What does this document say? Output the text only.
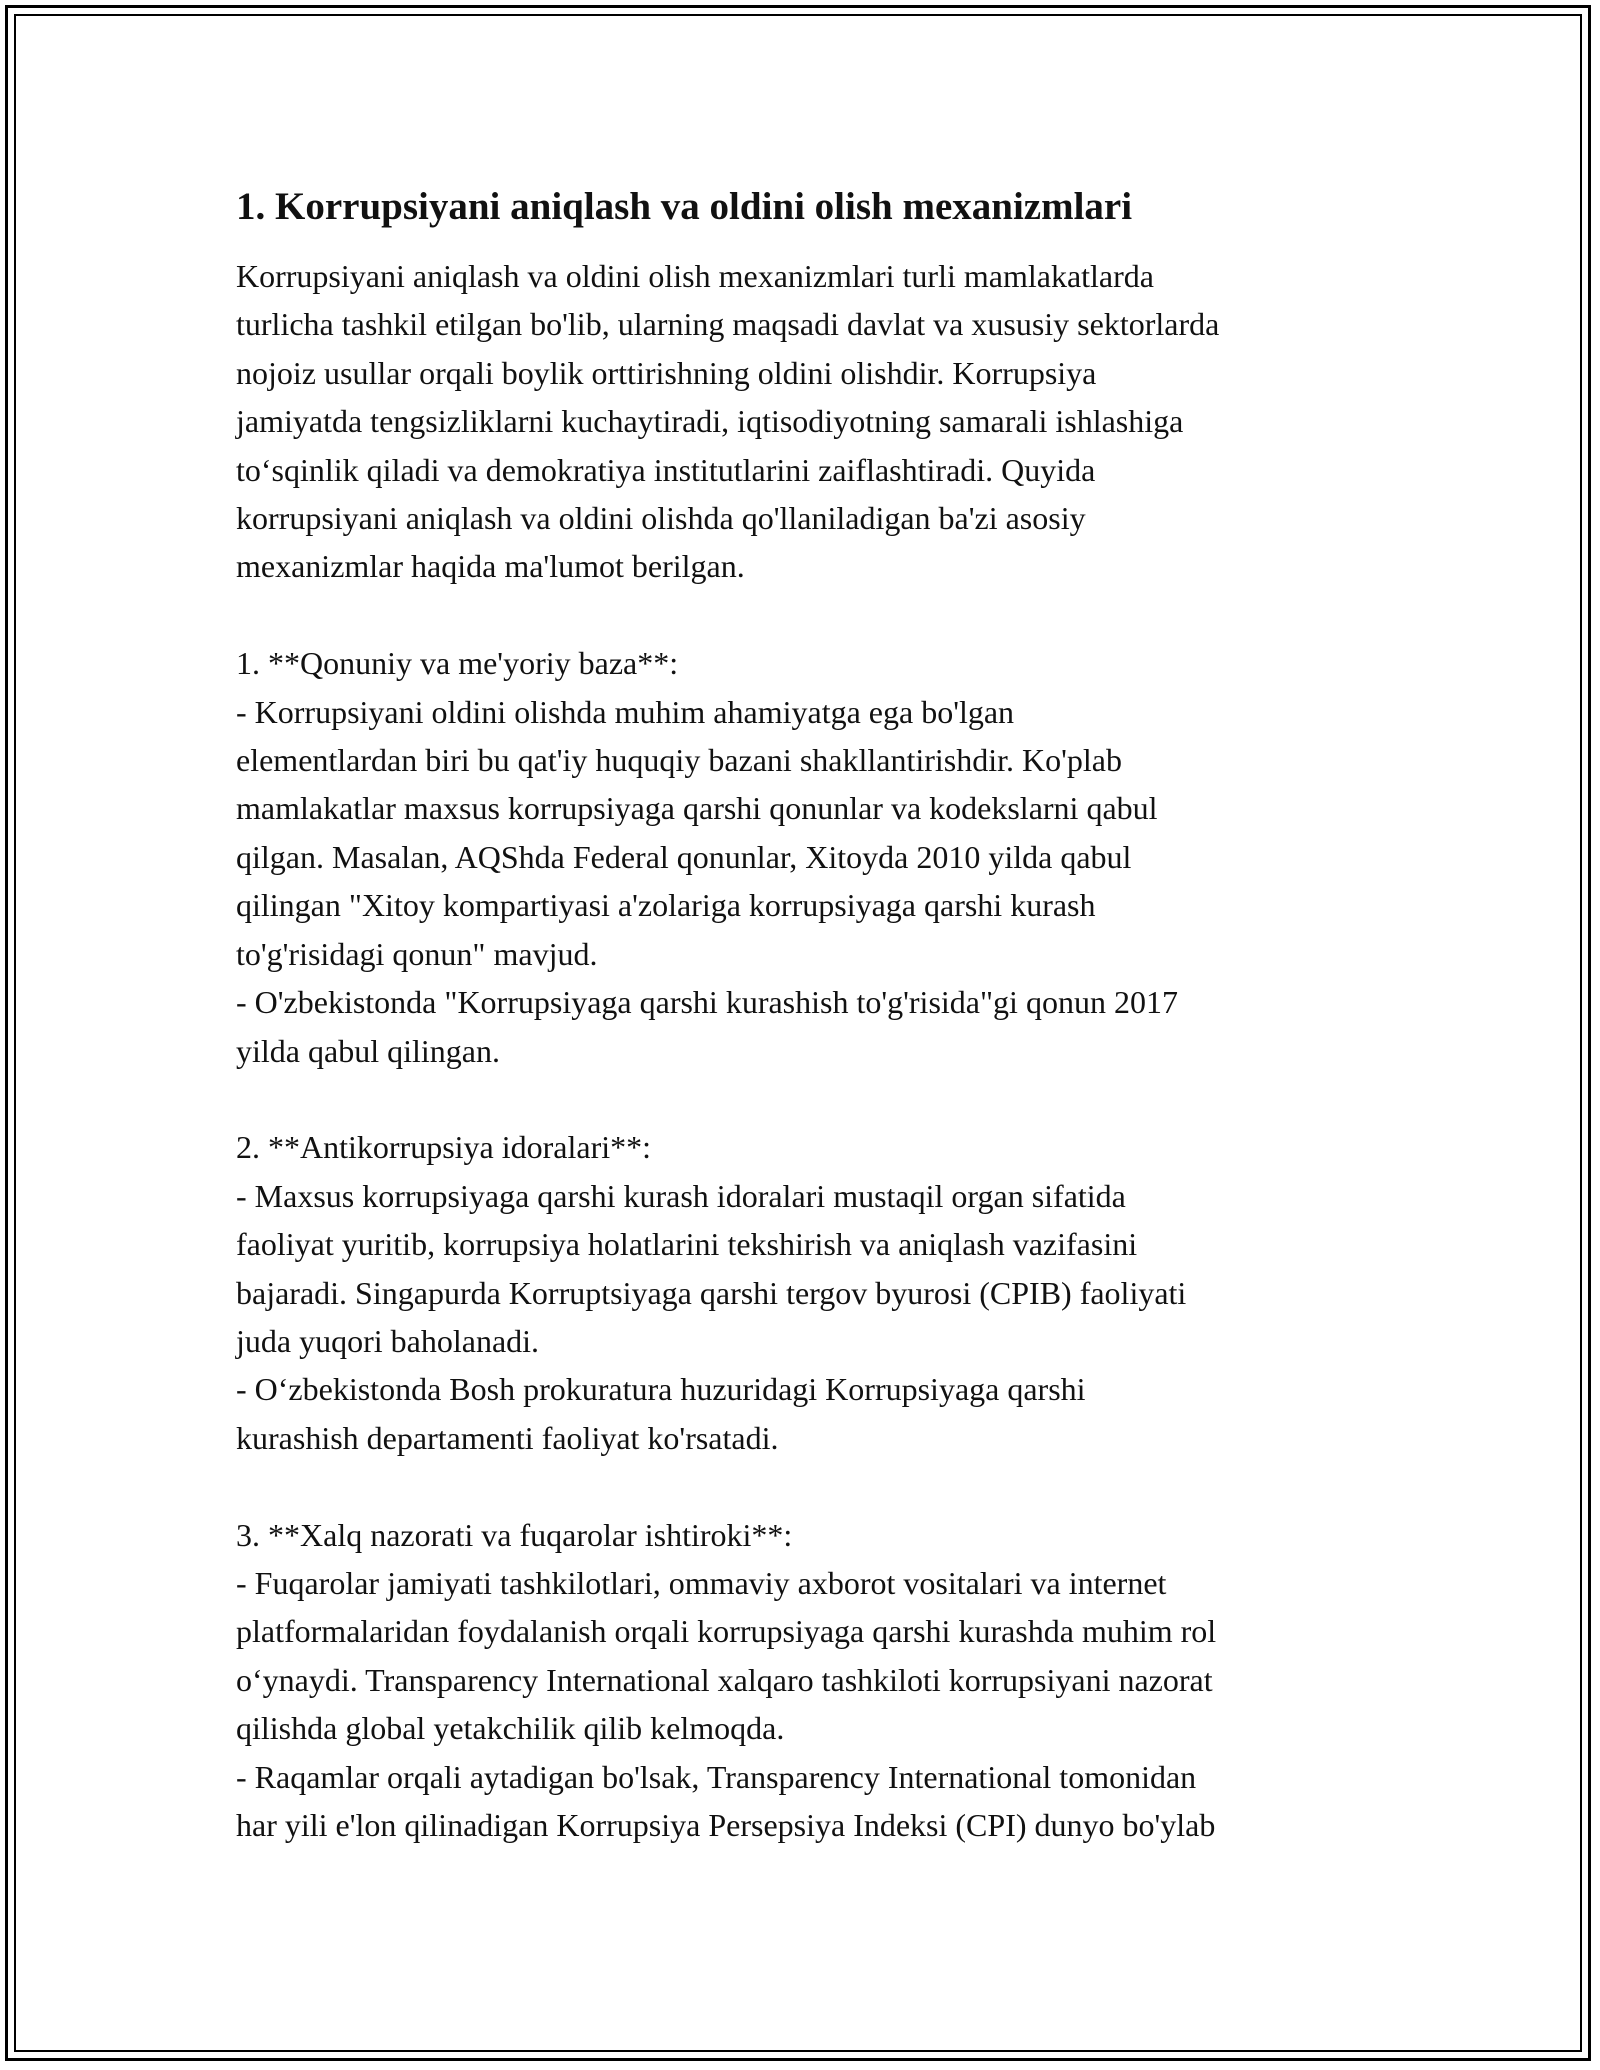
1. Korrupsiyani aniqlash va oldini olish mexanizmlari
Korrupsiyani aniqlash va oldini olish mexanizmlari turli mamlakatlarda
turlicha tashkil etilgan bo'lib, ularning maqsadi davlat va xususiy sektorlarda
nojoiz usullar orqali boylik orttirishning oldini olishdir. Korrupsiya
jamiyatda tengsizliklarni kuchaytiradi, iqtisodiyotning samarali ishlashiga
to‘sqinlik qiladi va demokratiya institutlarini zaiflashtiradi. Quyida
korrupsiyani aniqlash va oldini olishda qo'llaniladigan ba'zi asosiy
mexanizmlar haqida ma'lumot berilgan.

1. **Qonuniy va me'yoriy baza**:
- Korrupsiyani oldini olishda muhim ahamiyatga ega bo'lgan
elementlardan biri bu qat'iy huquqiy bazani shakllantirishdir. Ko'plab
mamlakatlar maxsus korrupsiyaga qarshi qonunlar va kodekslarni qabul
qilgan. Masalan, AQShda Federal qonunlar, Xitoyda 2010 yilda qabul
qilingan "Xitoy kompartiyasi a'zolariga korrupsiyaga qarshi kurash
to'g'risidagi qonun" mavjud.
- O'zbekistonda "Korrupsiyaga qarshi kurashish to'g'risida"gi qonun 2017
yilda qabul qilingan.

2. **Antikorrupsiya idoralari**:
- Maxsus korrupsiyaga qarshi kurash idoralari mustaqil organ sifatida
faoliyat yuritib, korrupsiya holatlarini tekshirish va aniqlash vazifasini
bajaradi. Singapurda Korruptsiyaga qarshi tergov byurosi (CPIB) faoliyati
juda yuqori baholanadi.
- O‘zbekistonda Bosh prokuratura huzuridagi Korrupsiyaga qarshi
kurashish departamenti faoliyat ko'rsatadi.

3. **Xalq nazorati va fuqarolar ishtiroki**:
- Fuqarolar jamiyati tashkilotlari, ommaviy axborot vositalari va internet
platformalaridan foydalanish orqali korrupsiyaga qarshi kurashda muhim rol
o‘ynaydi. Transparency International xalqaro tashkiloti korrupsiyani nazorat
qilishda global yetakchilik qilib kelmoqda.
- Raqamlar orqali aytadigan bo'lsak, Transparency International tomonidan
har yili e'lon qilinadigan Korrupsiya Persepsiya Indeksi (CPI) dunyo bo'ylab
